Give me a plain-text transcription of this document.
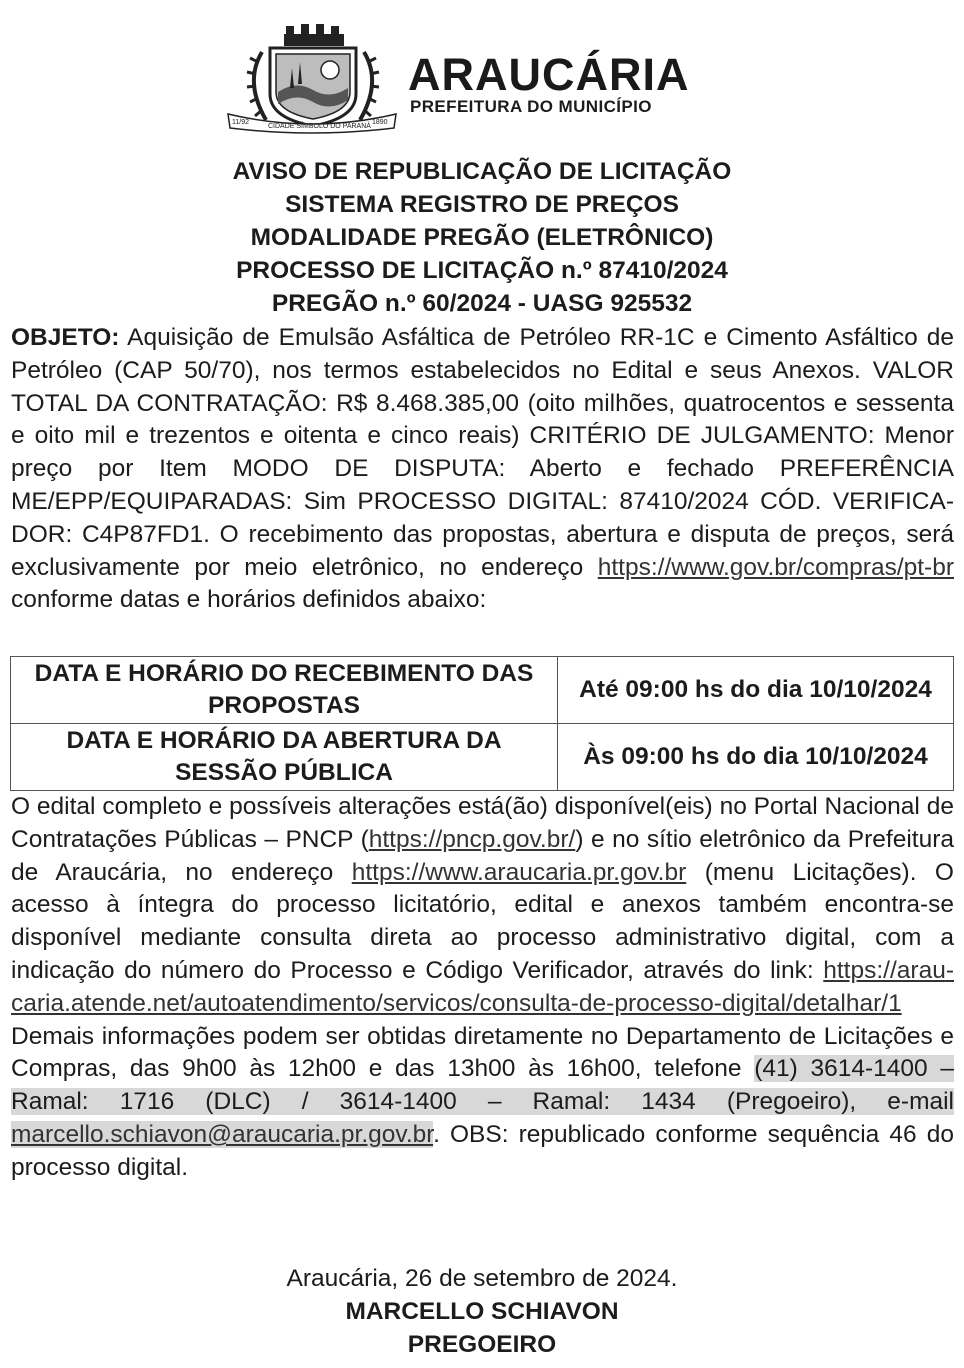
11/92
CIDADE SÍMBOLO DO PARANÁ
1890
ARAUCÁRIA
PREFEITURA DO MUNICÍPIO
AVISO DE REPUBLICAÇÃO DE LICITAÇÃO
SISTEMA REGISTRO DE PREÇOS
MODALIDADE PREGÃO (ELETRÔNICO)
PROCESSO DE LICITAÇÃO n.º 87410/2024
PREGÃO n.º 60/2024 - UASG 925532
OBJETO: Aquisição de Emulsão Asfáltica de Petróleo RR-1C e Cimento Asfáltico de Petróleo (CAP 50/70), nos termos estabelecidos no Edital e seus Anexos. VALOR TOTAL DA CONTRATAÇÃO: R$ 8.468.385,00 (oito milhões, quatrocentos e sessenta e oito mil e trezentos e oitenta e cinco reais) CRITÉRIO DE JULGAMENTO: Menor preço por Item MODO DE DISPUTA: Aberto e fechado PREFERÊNCIA ME/EPP/EQUIPARADAS: Sim PROCESSO DIGITAL: 87410/2024 CÓD. VERIFICADOR: C4P87FD1. O recebimento das propostas, abertura e disputa de preços, será exclusivamente por meio eletrônico, no endereço https://www.gov.br/compras/pt-br conforme datas e horários definidos abaixo:
DATA E HORÁRIO DO RECEBIMENTO DAS PROPOSTAS	Até 09:00 hs do dia 10/10/2024
DATA E HORÁRIO DA ABERTURA DA SESSÃO PÚBLICA	Às 09:00 hs do dia 10/10/2024
O edital completo e possíveis alterações está(ão) disponível(eis) no Portal Nacional de Contratações Públicas – PNCP (https://pncp.gov.br/) e no sítio eletrônico da Prefeitura de Araucária, no endereço https://www.araucaria.pr.gov.br (menu Licitações). O acesso à íntegra do processo licitatório, edital e anexos também encontra-se disponível mediante consulta direta ao processo administrativo digital, com a indicação do número do Processo e Código Verificador, através do link: https://araucaria.atende.net/autoatendimento/servicos/consulta-de-processo-digital/detalhar/1 Demais informações podem ser obtidas diretamente no Departamento de Licitações e Compras, das 9h00 às 12h00 e das 13h00 às 16h00, telefone (41) 3614-1400 – Ramal: 1716 (DLC) / 3614-1400 – Ramal: 1434 (Pregoeiro), e-mail marcello.schiavon@araucaria.pr.gov.br. OBS: republicado conforme sequência 46 do processo digital.
Araucária, 26 de setembro de 2024.
MARCELLO SCHIAVON
PREGOEIRO
